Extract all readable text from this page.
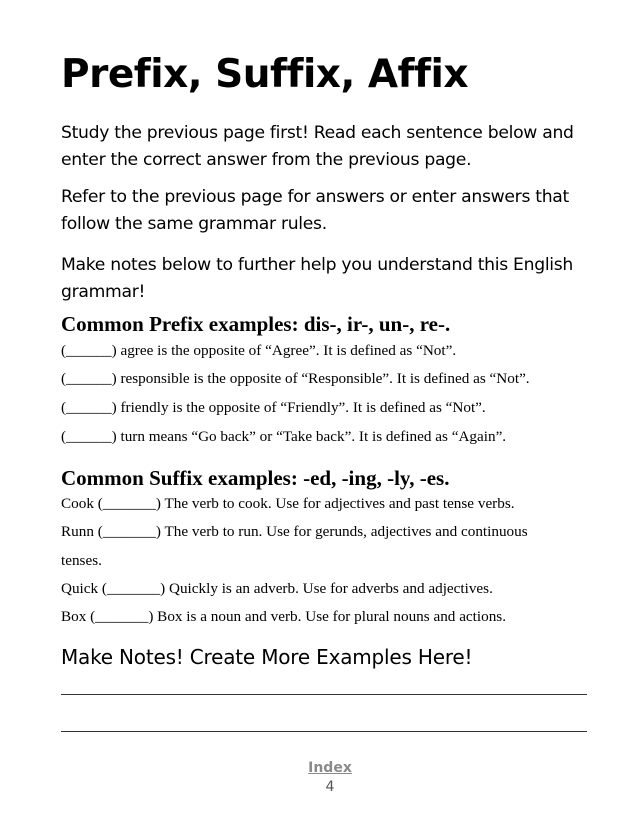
Prefix, Suffix, Affix
Study the previous page first! Read each sentence below and enter the correct answer from the previous page.
Refer to the previous page for answers or enter answers that follow the same grammar rules.
Make notes below to further help you understand this English grammar!
Common Prefix examples: dis-, ir-, un-, re-.
(______) agree is the opposite of “Agree”. It is defined as “Not”.
(______) responsible is the opposite of “Responsible”. It is defined as “Not”.
(______) friendly is the opposite of “Friendly”. It is defined as “Not”.
(______) turn means “Go back” or “Take back”. It is defined as “Again”.
Common Suffix examples: -ed, -ing, -ly, -es.
Cook (_______) The verb to cook. Use for adjectives and past tense verbs.
Runn (_______) The verb to run. Use for gerunds, adjectives and continuous
tenses.
Quick (_______) Quickly is an adverb. Use for adverbs and adjectives.
Box (_______) Box is a noun and verb. Use for plural nouns and actions.
Make Notes! Create More Examples Here!
Index
4
